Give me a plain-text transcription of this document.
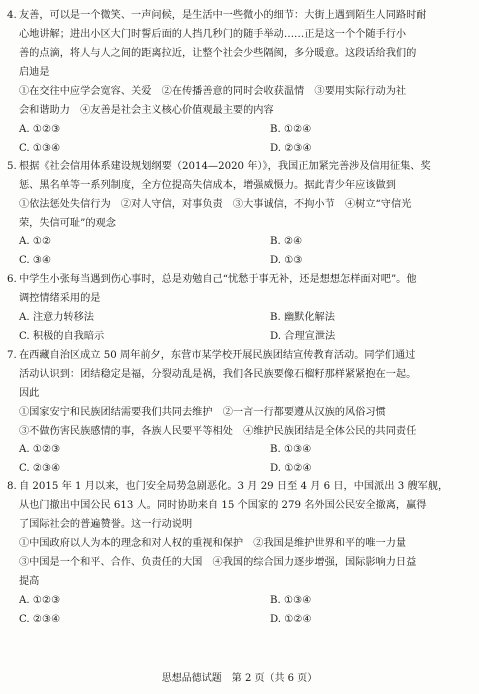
4. 友善，可以是一个微笑、一声问候，是生活中一些微小的细节：大街上遇到陌生人同路时耐
心地讲解；进出小区大门时誓后面的人挡几秒门的随手举动……正是这一个个随手行小
善的点滴，将人与人之间的距离拉近，让整个社会少些隔阂，多分暖意。这段话给我们的
启迪是
①在交往中应学会宽容、关爱　②在传播善意的同时会收获温情　③要用实际行动为社
会和谐助力　④友善是社会主义核心价值观最主要的内容
A. ①②③	B. ①②④
C. ①③④	D. ②③④
5. 根据《社会信用体系建设规划纲要（2014—2020 年）》，我国正加紧完善涉及信用征集、奖
惩、黑名单等一系列制度，全方位提高失信成本，增强威慑力。据此青少年应该做到
①依法惩处失信行为　②对人守信，对事负责　③大事诚信，不拘小节　④树立“守信光
荣，失信可耻”的观念
A. ①②	B. ②④
C. ③④	D. ①③
6. 中学生小张每当遇到伤心事时，总是劝勉自己“忧愁于事无补，还是想想怎样面对吧”。他
调控情绪采用的是
A. 注意力转移法	B. 幽默化解法
C. 积极的自我暗示	D. 合理宣泄法
7. 在西藏自治区成立 50 周年前夕，东营市某学校开展民族团结宣传教育活动。同学们通过
活动认识到：团结稳定是福，分裂动乱是祸，我们各民族要像石榴籽那样紧紧抱在一起。
因此
①国家安宁和民族团结需要我们共同去维护　②一言一行都要遵从汉族的风俗习惯
③不做伤害民族感情的事，各族人民要平等相处　④维护民族团结是全体公民的共同责任
A. ①②③	B. ①③④
C. ②③④	D. ①②④
8. 自 2015 年 1 月以来，也门安全局势急剧恶化。3 月 29 日至 4 月 6 日，中国派出 3 艘军舰，
从也门撤出中国公民 613 人。同时协助来自 15 个国家的 279 名外国公民安全撤离，赢得
了国际社会的普遍赞誉。这一行动说明
①中国政府以人为本的理念和对人权的重视和保护　②我国是维护世界和平的唯一力量
③中国是一个和平、合作、负责任的大国　④我国的综合国力逐步增强，国际影响力日益
提高
A. ①②③	B. ①③④
C. ②③④	D. ①②④
思想品德试题　第 2 页（共 6 页）
